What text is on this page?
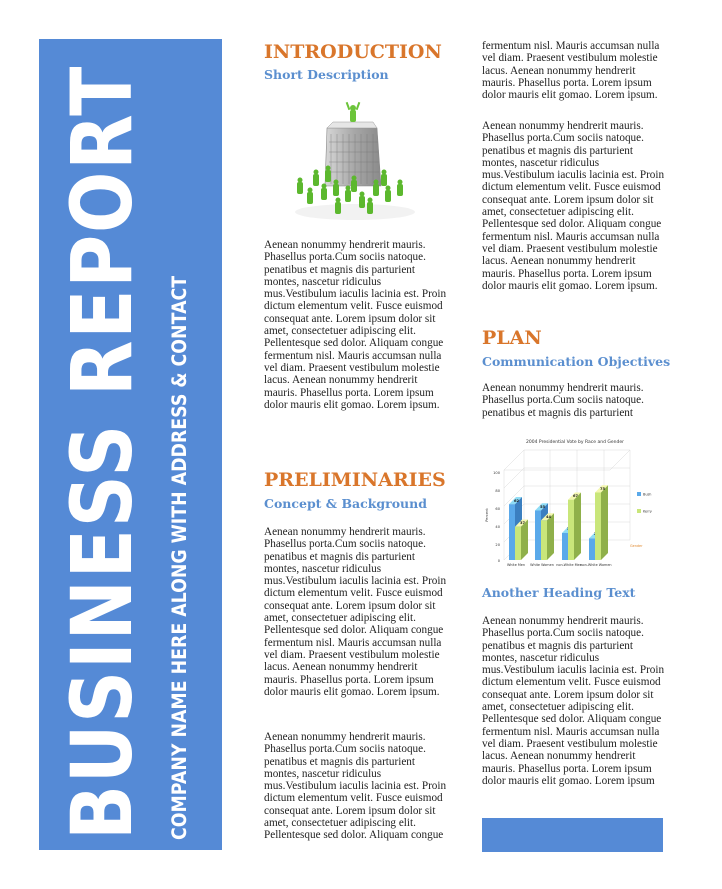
BUSINESS REPORT COMPANY NAME HERE ALONG WITH ADDRESS & CONTACT
INTRODUCTION
Short Description

Aenean nonummy hendrerit mauris. Phasellus porta.Cum sociis natoque. penatibus et magnis dis parturient montes, nascetur ridiculus mus.Vestibulum iaculis lacinia est. Proin dictum elementum velit. Fusce euismod consequat ante. Lorem ipsum dolor sit amet, consectetuer adipiscing elit. Pellentesque sed dolor. Aliquam congue fermentum nisl. Mauris accumsan nulla vel diam. Praesent vestibulum molestie lacus. Aenean nonummy hendrerit mauris. Phasellus porta. Lorem ipsum dolor mauris elit gomao. Lorem ipsum.

PRELIMINARIES
Concept & Background

Aenean nonummy hendrerit mauris. Phasellus porta.Cum sociis natoque. penatibus et magnis dis parturient montes, nascetur ridiculus mus.Vestibulum iaculis lacinia est. Proin dictum elementum velit. Fusce euismod consequat ante. Lorem ipsum dolor sit amet, consectetuer adipiscing elit. Pellentesque sed dolor. Aliquam congue fermentum nisl. Mauris accumsan nulla vel diam. Praesent vestibulum molestie lacus. Aenean nonummy hendrerit mauris. Phasellus porta. Lorem ipsum dolor mauris elit gomao. Lorem ipsum.

Aenean nonummy hendrerit mauris. Phasellus porta.Cum sociis natoque. penatibus et magnis dis parturient montes, nascetur ridiculus mus.Vestibulum iaculis lacinia est. Proin dictum elementum velit. Fusce euismod consequat ante. Lorem ipsum dolor sit amet, consectetuer adipiscing elit. Pellentesque sed dolor. Aliquam congue

fermentum nisl. Mauris accumsan nulla vel diam. Praesent vestibulum molestie lacus. Aenean nonummy hendrerit mauris. Phasellus porta. Lorem ipsum dolor mauris elit gomao. Lorem ipsum.

Aenean nonummy hendrerit mauris. Phasellus porta.Cum sociis natoque. penatibus et magnis dis parturient montes, nascetur ridiculus mus.Vestibulum iaculis lacinia est. Proin dictum elementum velit. Fusce euismod consequat ante. Lorem ipsum dolor sit amet, consectetuer adipiscing elit. Pellentesque sed dolor. Aliquam congue fermentum nisl. Mauris accumsan nulla vel diam. Praesent vestibulum molestie lacus. Aenean nonummy hendrerit mauris. Phasellus porta. Lorem ipsum dolor mauris elit gomao. Lorem ipsum.

PLAN
Communication Objectives

Aenean nonummy hendrerit mauris. Phasellus porta.Cum sociis natoque. penatibus et magnis dis parturient

2004 Presidential Vote by Race and Gender
100
80
60
40
20
0
Percent
62
37
55
44
67
75
White Men White Women non-White Men
non-White Women
Bush
Kerry
Gender
Another Heading Text

Aenean nonummy hendrerit mauris. Phasellus porta.Cum sociis natoque. penatibus et magnis dis parturient montes, nascetur ridiculus mus.Vestibulum iaculis lacinia est. Proin dictum elementum velit. Fusce euismod consequat ante. Lorem ipsum dolor sit amet, consectetuer adipiscing elit. Pellentesque sed dolor. Aliquam congue fermentum nisl. Mauris accumsan nulla vel diam. Praesent vestibulum molestie lacus. Aenean nonummy hendrerit mauris. Phasellus porta. Lorem ipsum dolor mauris elit gomao. Lorem ipsum
